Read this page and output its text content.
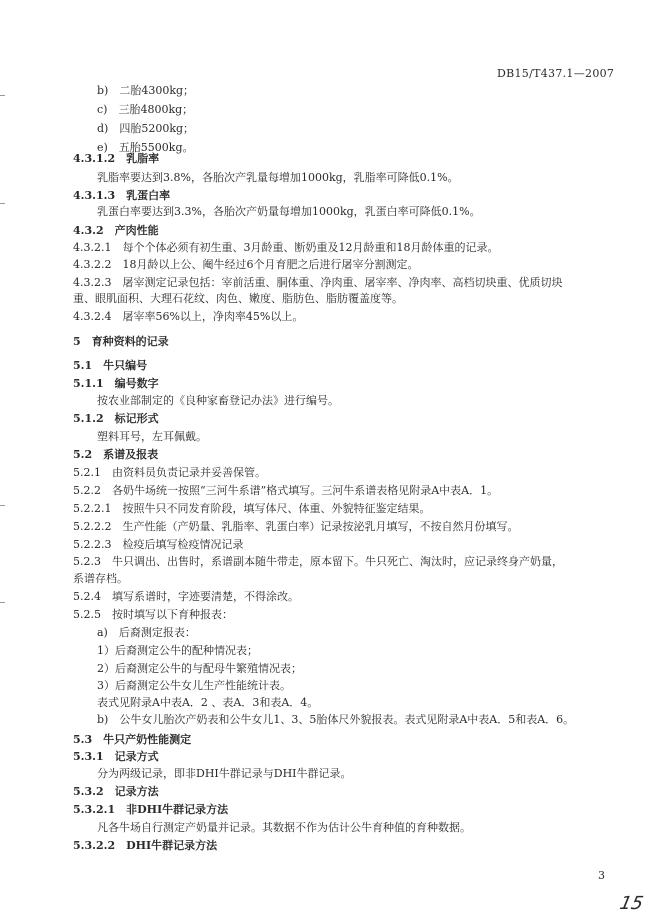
DB15/T437.1—2007
b)　二胎4300kg；
c)　三胎4800kg；
d)　四胎5200kg；
e)　五胎5500kg。
4.3.1.2　乳脂率
乳脂率要达到3.8%，各胎次产乳量每增加1000kg，乳脂率可降低0.1%。
4.3.1.3　乳蛋白率
乳蛋白率要达到3.3%，各胎次产奶量每增加1000kg，乳蛋白率可降低0.1%。
4.3.2　产肉性能
4.3.2.1　每个个体必须有初生重、3月龄重、断奶重及12月龄重和18月龄体重的记录。
4.3.2.2　18月龄以上公、阉牛经过6个月育肥之后进行屠宰分割测定。
4.3.2.3　屠宰测定记录包括：宰前活重、胴体重、净肉重、屠宰率、净肉率、高档切块重、优质切块
重、眼肌面积、大理石花纹、肉色、嫩度、脂肪色、脂肪覆盖度等。
4.3.2.4　屠宰率56%以上，净肉率45%以上。
5　育种资料的记录
5.1　牛只编号
5.1.1　编号数字
按农业部制定的《良种家畜登记办法》进行编号。
5.1.2　标记形式
塑料耳号，左耳佩戴。
5.2　系谱及报表
5.2.1　由资料员负责记录并妥善保管。
5.2.2　各奶牛场统一按照“三河牛系谱”格式填写。三河牛系谱表格见附录A中表A．1。
5.2.2.1　按照牛只不同发育阶段，填写体尺、体重、外貌特征鉴定结果。
5.2.2.2　生产性能（产奶量、乳脂率、乳蛋白率）记录按泌乳月填写，不按自然月份填写。
5.2.2.3　检疫后填写检疫情况记录
5.2.3　牛只调出、出售时，系谱副本随牛带走，原本留下。牛只死亡、淘汰时，应记录终身产奶量，
系谱存档。
5.2.4　填写系谱时，字迹要清楚，不得涂改。
5.2.5　按时填写以下育种报表：
a)　后裔测定报表：
1）后裔测定公牛的配种情况表；
2）后裔测定公牛的与配母牛繁殖情况表；
3）后裔测定公牛女儿生产性能统计表。
表式见附录A中表A．2 、表A．3和表A．4。
b)　公牛女儿胎次产奶表和公牛女儿1、3、5胎体尺外貌报表。表式见附录A中表A．5和表A．6。
5.3　牛只产奶性能测定
5.3.1　记录方式
分为两级记录，即非DHI牛群记录与DHI牛群记录。
5.3.2　记录方法
5.3.2.1　非DHI牛群记录方法
凡各牛场自行测定产奶量并记录。其数据不作为估计公牛育种值的育种数据。
5.3.2.2　DHI牛群记录方法
3
15
